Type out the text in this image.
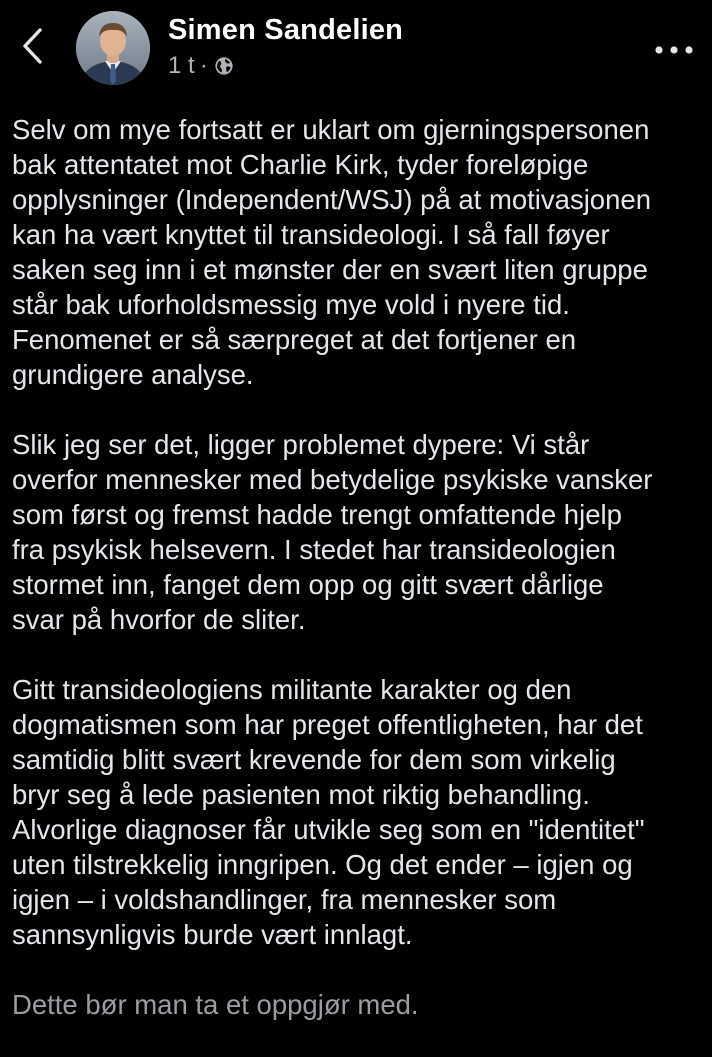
Simen Sandelien
1 t ·

Selv om mye fortsatt er uklart om gjerningspersonen
bak attentatet mot Charlie Kirk, tyder foreløpige
opplysninger (Independent/WSJ) på at motivasjonen
kan ha vært knyttet til transideologi. I så fall føyer
saken seg inn i et mønster der en svært liten gruppe
står bak uforholdsmessig mye vold i nyere tid.
Fenomenet er så særpreget at det fortjener en
grundigere analyse.

Slik jeg ser det, ligger problemet dypere: Vi står
overfor mennesker med betydelige psykiske vansker
som først og fremst hadde trengt omfattende hjelp
fra psykisk helsevern. I stedet har transideologien
stormet inn, fanget dem opp og gitt svært dårlige
svar på hvorfor de sliter.

Gitt transideologiens militante karakter og den
dogmatismen som har preget offentligheten, har det
samtidig blitt svært krevende for dem som virkelig
bryr seg å lede pasienten mot riktig behandling.
Alvorlige diagnoser får utvikle seg som en "identitet"
uten tilstrekkelig inngripen. Og det ender – igjen og
igjen – i voldshandlinger, fra mennesker som
sannsynligvis burde vært innlagt.

Dette bør man ta et oppgjør med.
